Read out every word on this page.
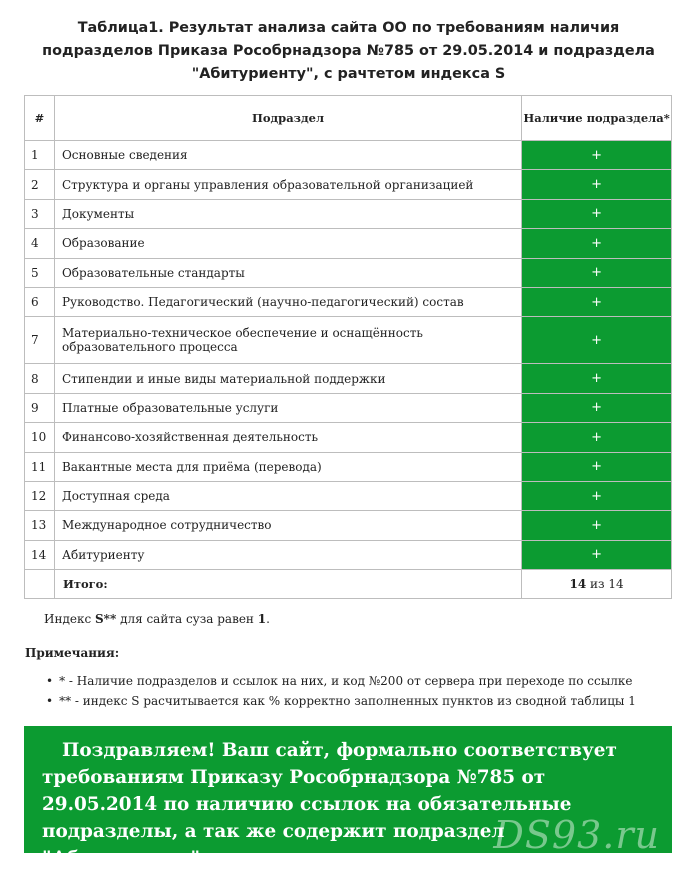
Таблица1. Результат анализа сайта ОО по требованиям наличия подразделов Приказа Рособрнадзора №785 от 29.05.2014 и подраздела "Абитуриенту", с рачтетом индекса S
#	Подраздел	Наличие подраздела*
1	Основные сведения	+
2	Структура и органы управления образовательной организацией	+
3	Документы	+
4	Образование	+
5	Образовательные стандарты	+
6	Руководство. Педагогический (научно-педагогический) состав	+
7	Материально-техническое обеспечение и оснащённость образовательного процесса	+
8	Стипендии и иные виды материальной поддержки	+
9	Платные образовательные услуги	+
10	Финансово-хозяйственная деятельность	+
11	Вакантные места для приёма (перевода)	+
12	Доступная среда	+
13	Международное сотрудничество	+
14	Абитуриенту	+
	Итого:	14 из 14
Индекс S** для сайта суза равен 1.
Примечания:
• * - Наличие подразделов и ссылок на них, и код №200 от сервера при переходе по ссылке
• ** - индекс S расчитывается как % корректно заполненных пунктов из сводной таблицы 1
Поздравляем! Ваш сайт, формально соответствует требованиям Приказу Рособрнадзора №785 от 29.05.2014 по наличию ссылок на обязательные подразделы, а так же содержит подраздел "Абитуриенту".
DS93.ru
